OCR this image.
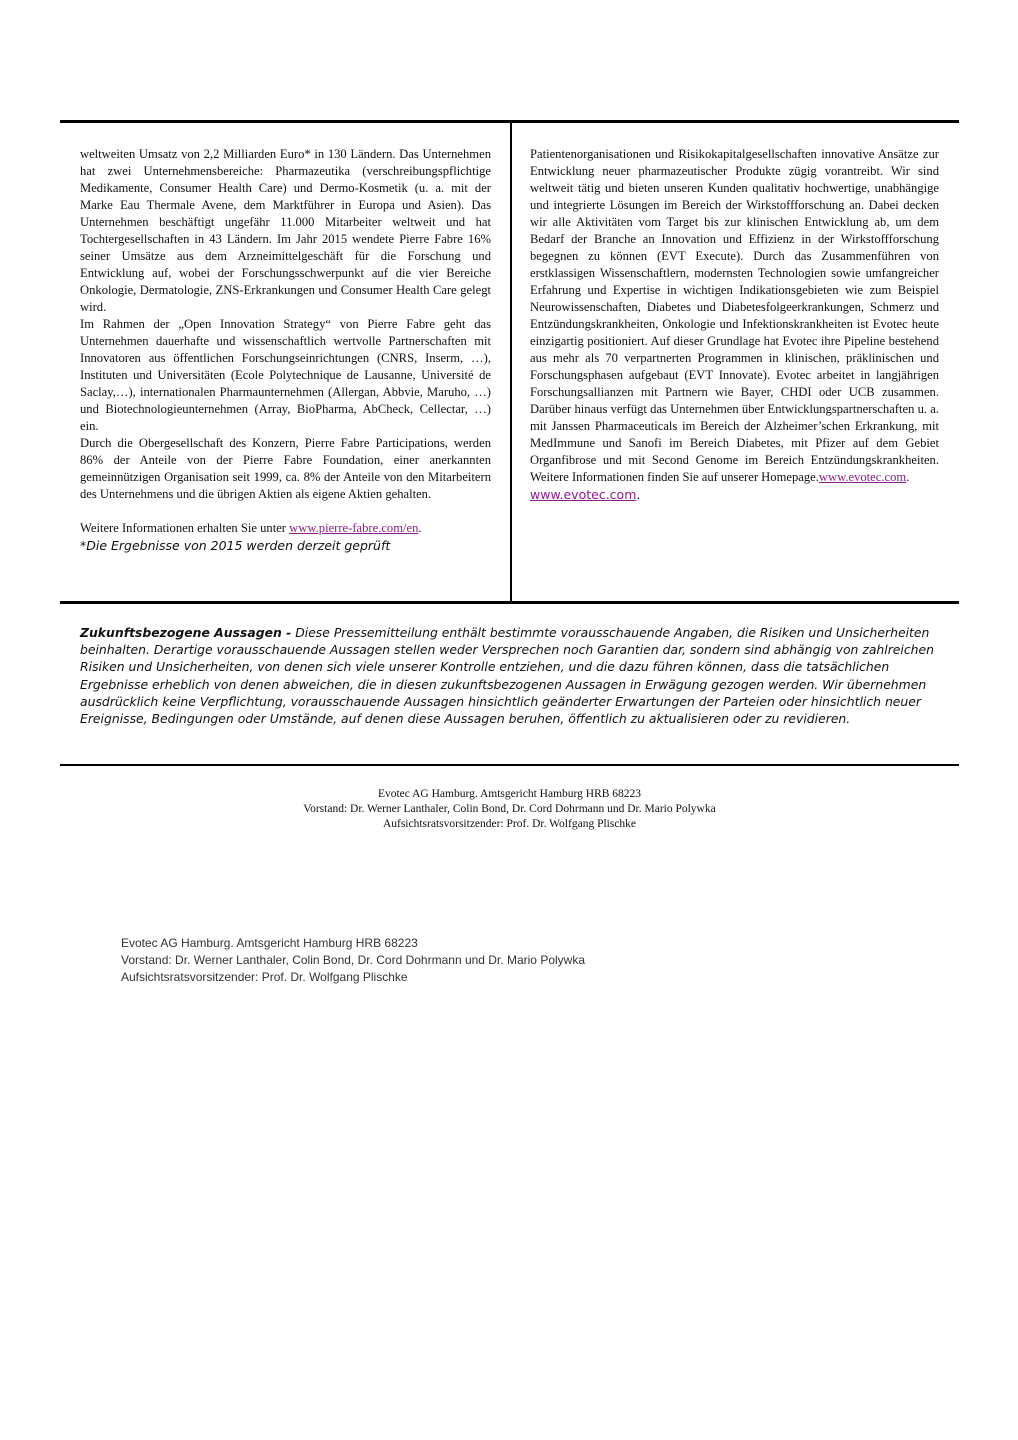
weltweiten Umsatz von 2,2 Milliarden Euro* in 130 Ländern. Das Unternehmen hat zwei Unternehmensbereiche: Pharmazeutika (verschreibungspflichtige Medikamente, Consumer Health Care) und Dermo-Kosmetik (u. a. mit der Marke Eau Thermale Avene, dem Marktführer in Europa und Asien). Das Unternehmen beschäftigt ungefähr 11.000 Mitarbeiter weltweit und hat Tochtergesellschaften in 43 Ländern. Im Jahr 2015 wendete Pierre Fabre 16% seiner Umsätze aus dem Arzneimittelgeschäft für die Forschung und Entwicklung auf, wobei der Forschungsschwerpunkt auf die vier Bereiche Onkologie, Dermatologie, ZNS-Erkrankungen und Consumer Health Care gelegt wird.

Im Rahmen der „Open Innovation Strategy“ von Pierre Fabre geht das Unternehmen dauerhafte und wissenschaftlich wertvolle Partnerschaften mit Innovatoren aus öffentlichen Forschungseinrichtungen (CNRS, Inserm, …), Instituten und Universitäten (Ecole Polytechnique de Lausanne, Université de Saclay,…), internationalen Pharmaunternehmen (Allergan, Abbvie, Maruho, …) und Biotechnologieunternehmen (Array, BioPharma, AbCheck, Cellectar, …) ein.

Durch die Obergesellschaft des Konzern, Pierre Fabre Participations, werden 86% der Anteile von der Pierre Fabre Foundation, einer anerkannten gemeinnützigen Organisation seit 1999, ca. 8% der Anteile von den Mitarbeitern des Unternehmens und die übrigen Aktien als eigene Aktien gehalten.

Weitere Informationen erhalten Sie unter www.pierre-fabre.com/en.

*Die Ergebnisse von 2015 werden derzeit geprüft

Patientenorganisationen und Risikokapitalgesellschaften innovative Ansätze zur Entwicklung neuer pharmazeutischer Produkte zügig vorantreibt. Wir sind weltweit tätig und bieten unseren Kunden qualitativ hochwertige, unabhängige und integrierte Lösungen im Bereich der Wirkstoffforschung an. Dabei decken wir alle Aktivitäten vom Target bis zur klinischen Entwicklung ab, um dem Bedarf der Branche an Innovation und Effizienz in der Wirkstoffforschung begegnen zu können (EVT Execute). Durch das Zusammenführen von erstklassigen Wissenschaftlern, modernsten Technologien sowie umfangreicher Erfahrung und Expertise in wichtigen Indikationsgebieten wie zum Beispiel Neurowissenschaften, Diabetes und Diabetesfolgeerkrankungen, Schmerz und Entzündungskrankheiten, Onkologie und Infektionskrankheiten ist Evotec heute einzigartig positioniert. Auf dieser Grundlage hat Evotec ihre Pipeline bestehend aus mehr als 70 verpartnerten Programmen in klinischen, präklinischen und Forschungsphasen aufgebaut (EVT Innovate). Evotec arbeitet in langjährigen Forschungsallianzen mit Partnern wie Bayer, CHDI oder UCB zusammen. Darüber hinaus verfügt das Unternehmen über Entwicklungspartnerschaften u. a. mit Janssen Pharmaceuticals im Bereich der Alzheimer’schen Erkrankung, mit MedImmune und Sanofi im Bereich Diabetes, mit Pfizer auf dem Gebiet Organfibrose und mit Second Genome im Bereich Entzündungskrankheiten. Weitere Informationen finden Sie auf unserer Homepage.www.evotec.com.

www.evotec.com.
Zukunftsbezogene Aussagen - Diese Pressemitteilung enthält bestimmte vorausschauende Angaben, die Risiken und Unsicherheiten beinhalten. Derartige vorausschauende Aussagen stellen weder Versprechen noch Garantien dar, sondern sind abhängig von zahlreichen Risiken und Unsicherheiten, von denen sich viele unserer Kontrolle entziehen, und die dazu führen können, dass die tatsächlichen Ergebnisse erheblich von denen abweichen, die in diesen zukunftsbezogenen Aussagen in Erwägung gezogen werden. Wir übernehmen ausdrücklich keine Verpflichtung, vorausschauende Aussagen hinsichtlich geänderter Erwartungen der Parteien oder hinsichtlich neuer Ereignisse, Bedingungen oder Umstände, auf denen diese Aussagen beruhen, öffentlich zu aktualisieren oder zu revidieren.
Evotec AG Hamburg. Amtsgericht Hamburg HRB 68223
Vorstand: Dr. Werner Lanthaler, Colin Bond, Dr. Cord Dohrmann und Dr. Mario Polywka
Aufsichtsratsvorsitzender: Prof. Dr. Wolfgang Plischke
Evotec AG Hamburg. Amtsgericht Hamburg HRB 68223
Vorstand: Dr. Werner Lanthaler, Colin Bond, Dr. Cord Dohrmann und Dr. Mario Polywka
Aufsichtsratsvorsitzender: Prof. Dr. Wolfgang Plischke
